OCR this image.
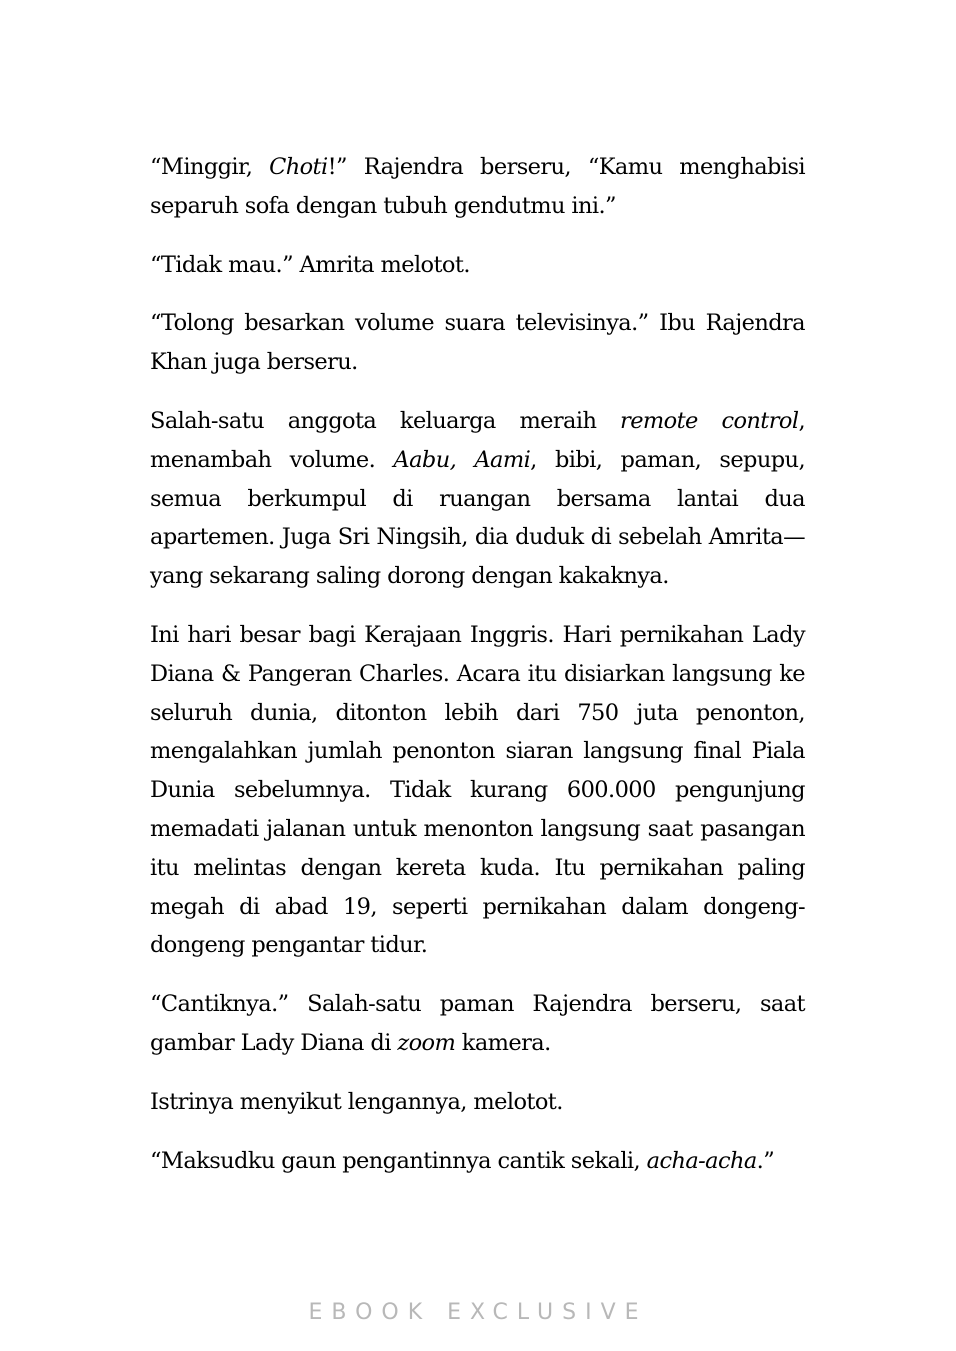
“Minggir, Choti!” Rajendra berseru, “Kamu menghabisi separuh sofa dengan tubuh gendutmu ini.”

“Tidak mau.” Amrita melotot.

“Tolong besarkan volume suara televisinya.” Ibu Rajendra Khan juga berseru.

Salah-satu anggota keluarga meraih remote control, menambah volume. Aabu, Aami, bibi, paman, sepupu, semua berkumpul di ruangan bersama lantai dua apartemen. Juga Sri Ningsih, dia duduk di sebelah Amrita—yang sekarang saling dorong dengan kakaknya.

Ini hari besar bagi Kerajaan Inggris. Hari pernikahan Lady Diana & Pangeran Charles. Acara itu disiarkan langsung ke seluruh dunia, ditonton lebih dari 750 juta penonton, mengalahkan jumlah penonton siaran langsung final Piala Dunia sebelumnya. Tidak kurang 600.000 pengunjung memadati jalanan untuk menonton langsung saat pasangan itu melintas dengan kereta kuda. Itu pernikahan paling megah di abad 19, seperti pernikahan dalam dongeng-dongeng pengantar tidur.

“Cantiknya.” Salah-satu paman Rajendra berseru, saat gambar Lady Diana di zoom kamera.

Istrinya menyikut lengannya, melotot.

“Maksudku gaun pengantinnya cantik sekali, acha-acha.”

EBOOK EXCLUSIVE
